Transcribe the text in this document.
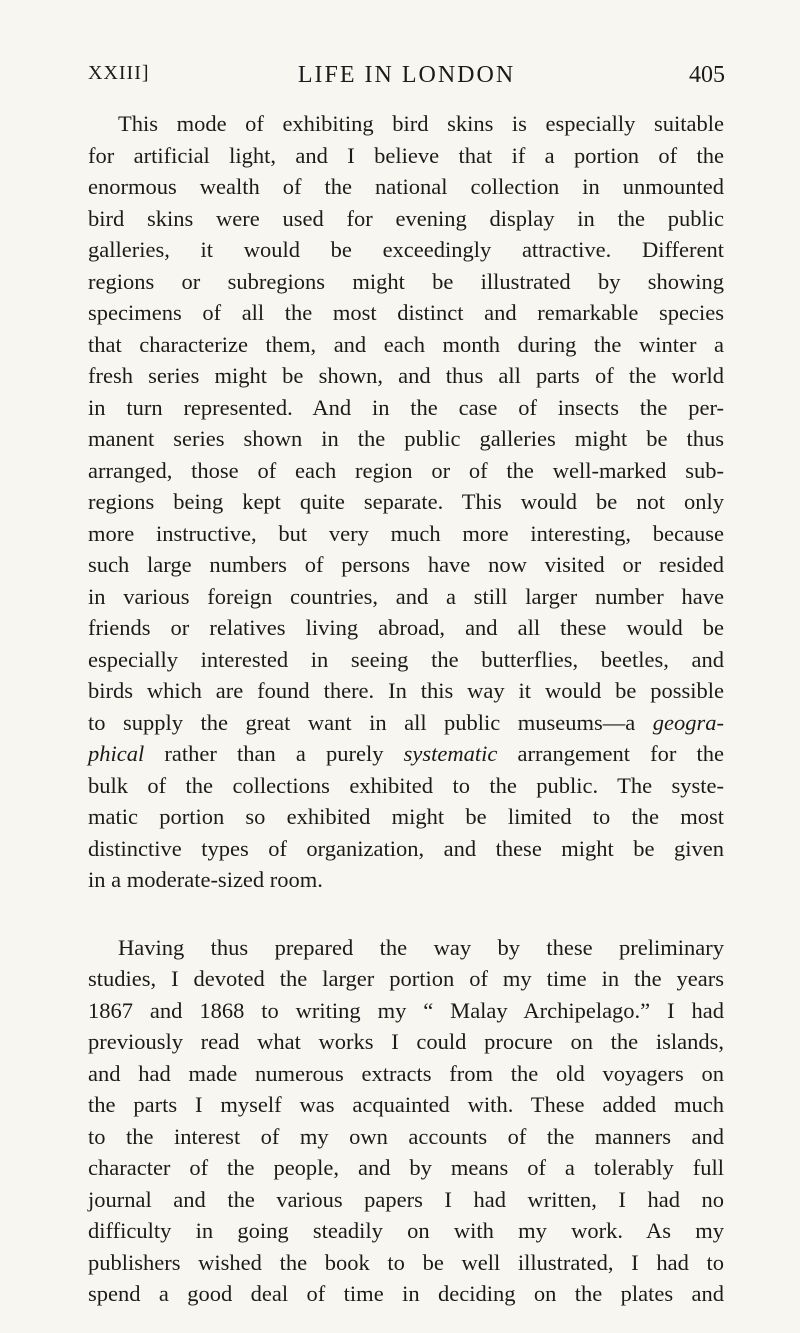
XXIII]	LIFE IN LONDON	405
This mode of exhibiting bird skins is especially suitable
for artificial light, and I believe that if a portion of the
enormous wealth of the national collection in unmounted
bird skins were used for evening display in the public
galleries, it would be exceedingly attractive. Different
regions or subregions might be illustrated by showing
specimens of all the most distinct and remarkable species
that characterize them, and each month during the winter a
fresh series might be shown, and thus all parts of the world
in turn represented. And in the case of insects the per-
manent series shown in the public galleries might be thus
arranged, those of each region or of the well-marked sub-
regions being kept quite separate. This would be not only
more instructive, but very much more interesting, because
such large numbers of persons have now visited or resided
in various foreign countries, and a still larger number have
friends or relatives living abroad, and all these would be
especially interested in seeing the butterflies, beetles, and
birds which are found there. In this way it would be possible
to supply the great want in all public museums—a geogra-
phical rather than a purely systematic arrangement for the
bulk of the collections exhibited to the public. The syste-
matic portion so exhibited might be limited to the most
distinctive types of organization, and these might be given
in a moderate-sized room.
Having thus prepared the way by these preliminary
studies, I devoted the larger portion of my time in the years
1867 and 1868 to writing my “ Malay Archipelago.” I had
previously read what works I could procure on the islands,
and had made numerous extracts from the old voyagers on
the parts I myself was acquainted with. These added much
to the interest of my own accounts of the manners and
character of the people, and by means of a tolerably full
journal and the various papers I had written, I had no
difficulty in going steadily on with my work. As my
publishers wished the book to be well illustrated, I had to
spend a good deal of time in deciding on the plates and
